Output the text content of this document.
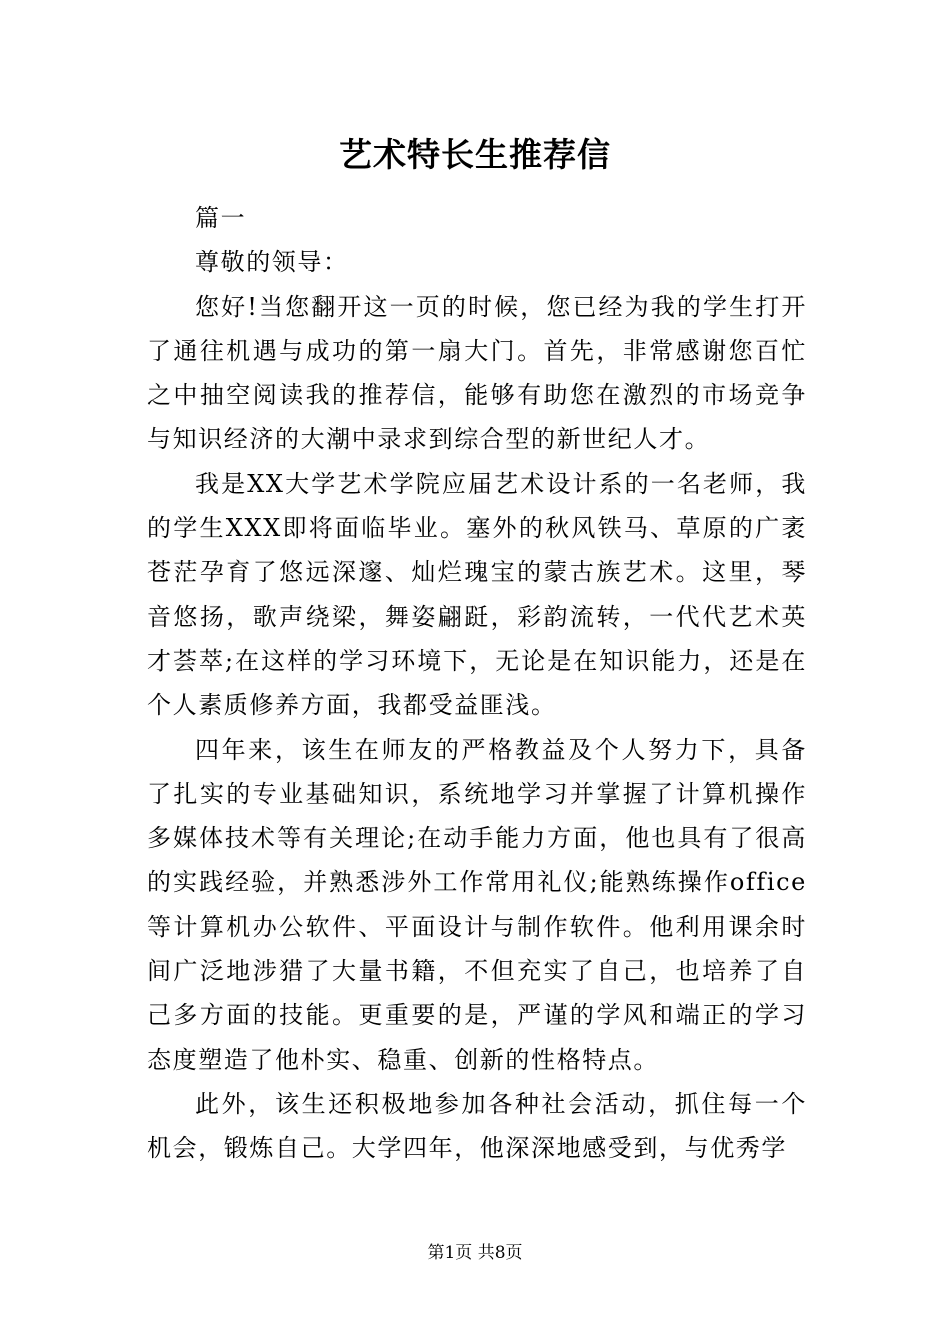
艺术特长生推荐信

篇一

尊敬的领导：

您好!当您翻开这一页的时候，您已经为我的学生打开了通往机遇与成功的第一扇大门。首先，非常感谢您百忙之中抽空阅读我的推荐信，能够有助您在激烈的市场竞争与知识经济的大潮中录求到综合型的新世纪人才。

我是XX大学艺术学院应届艺术设计系的一名老师，我的学生XXX即将面临毕业。塞外的秋风铁马、草原的广袤苍茫孕育了悠远深邃、灿烂瑰宝的蒙古族艺术。这里，琴音悠扬，歌声绕梁，舞姿翩跹，彩韵流转，一代代艺术英才荟萃;在这样的学习环境下，无论是在知识能力，还是在个人素质修养方面，我都受益匪浅。

四年来，该生在师友的严格教益及个人努力下，具备了扎实的专业基础知识，系统地学习并掌握了计算机操作多媒体技术等有关理论;在动手能力方面，他也具有了很高的实践经验，并熟悉涉外工作常用礼仪;能熟练操作office等计算机办公软件、平面设计与制作软件。他利用课余时间广泛地涉猎了大量书籍，不但充实了自己，也培养了自己多方面的技能。更重要的是，严谨的学风和端正的学习态度塑造了他朴实、稳重、创新的性格特点。

此外，该生还积极地参加各种社会活动，抓住每一个机会，锻炼自己。大学四年，他深深地感受到，与优秀学

第1页 共8页
